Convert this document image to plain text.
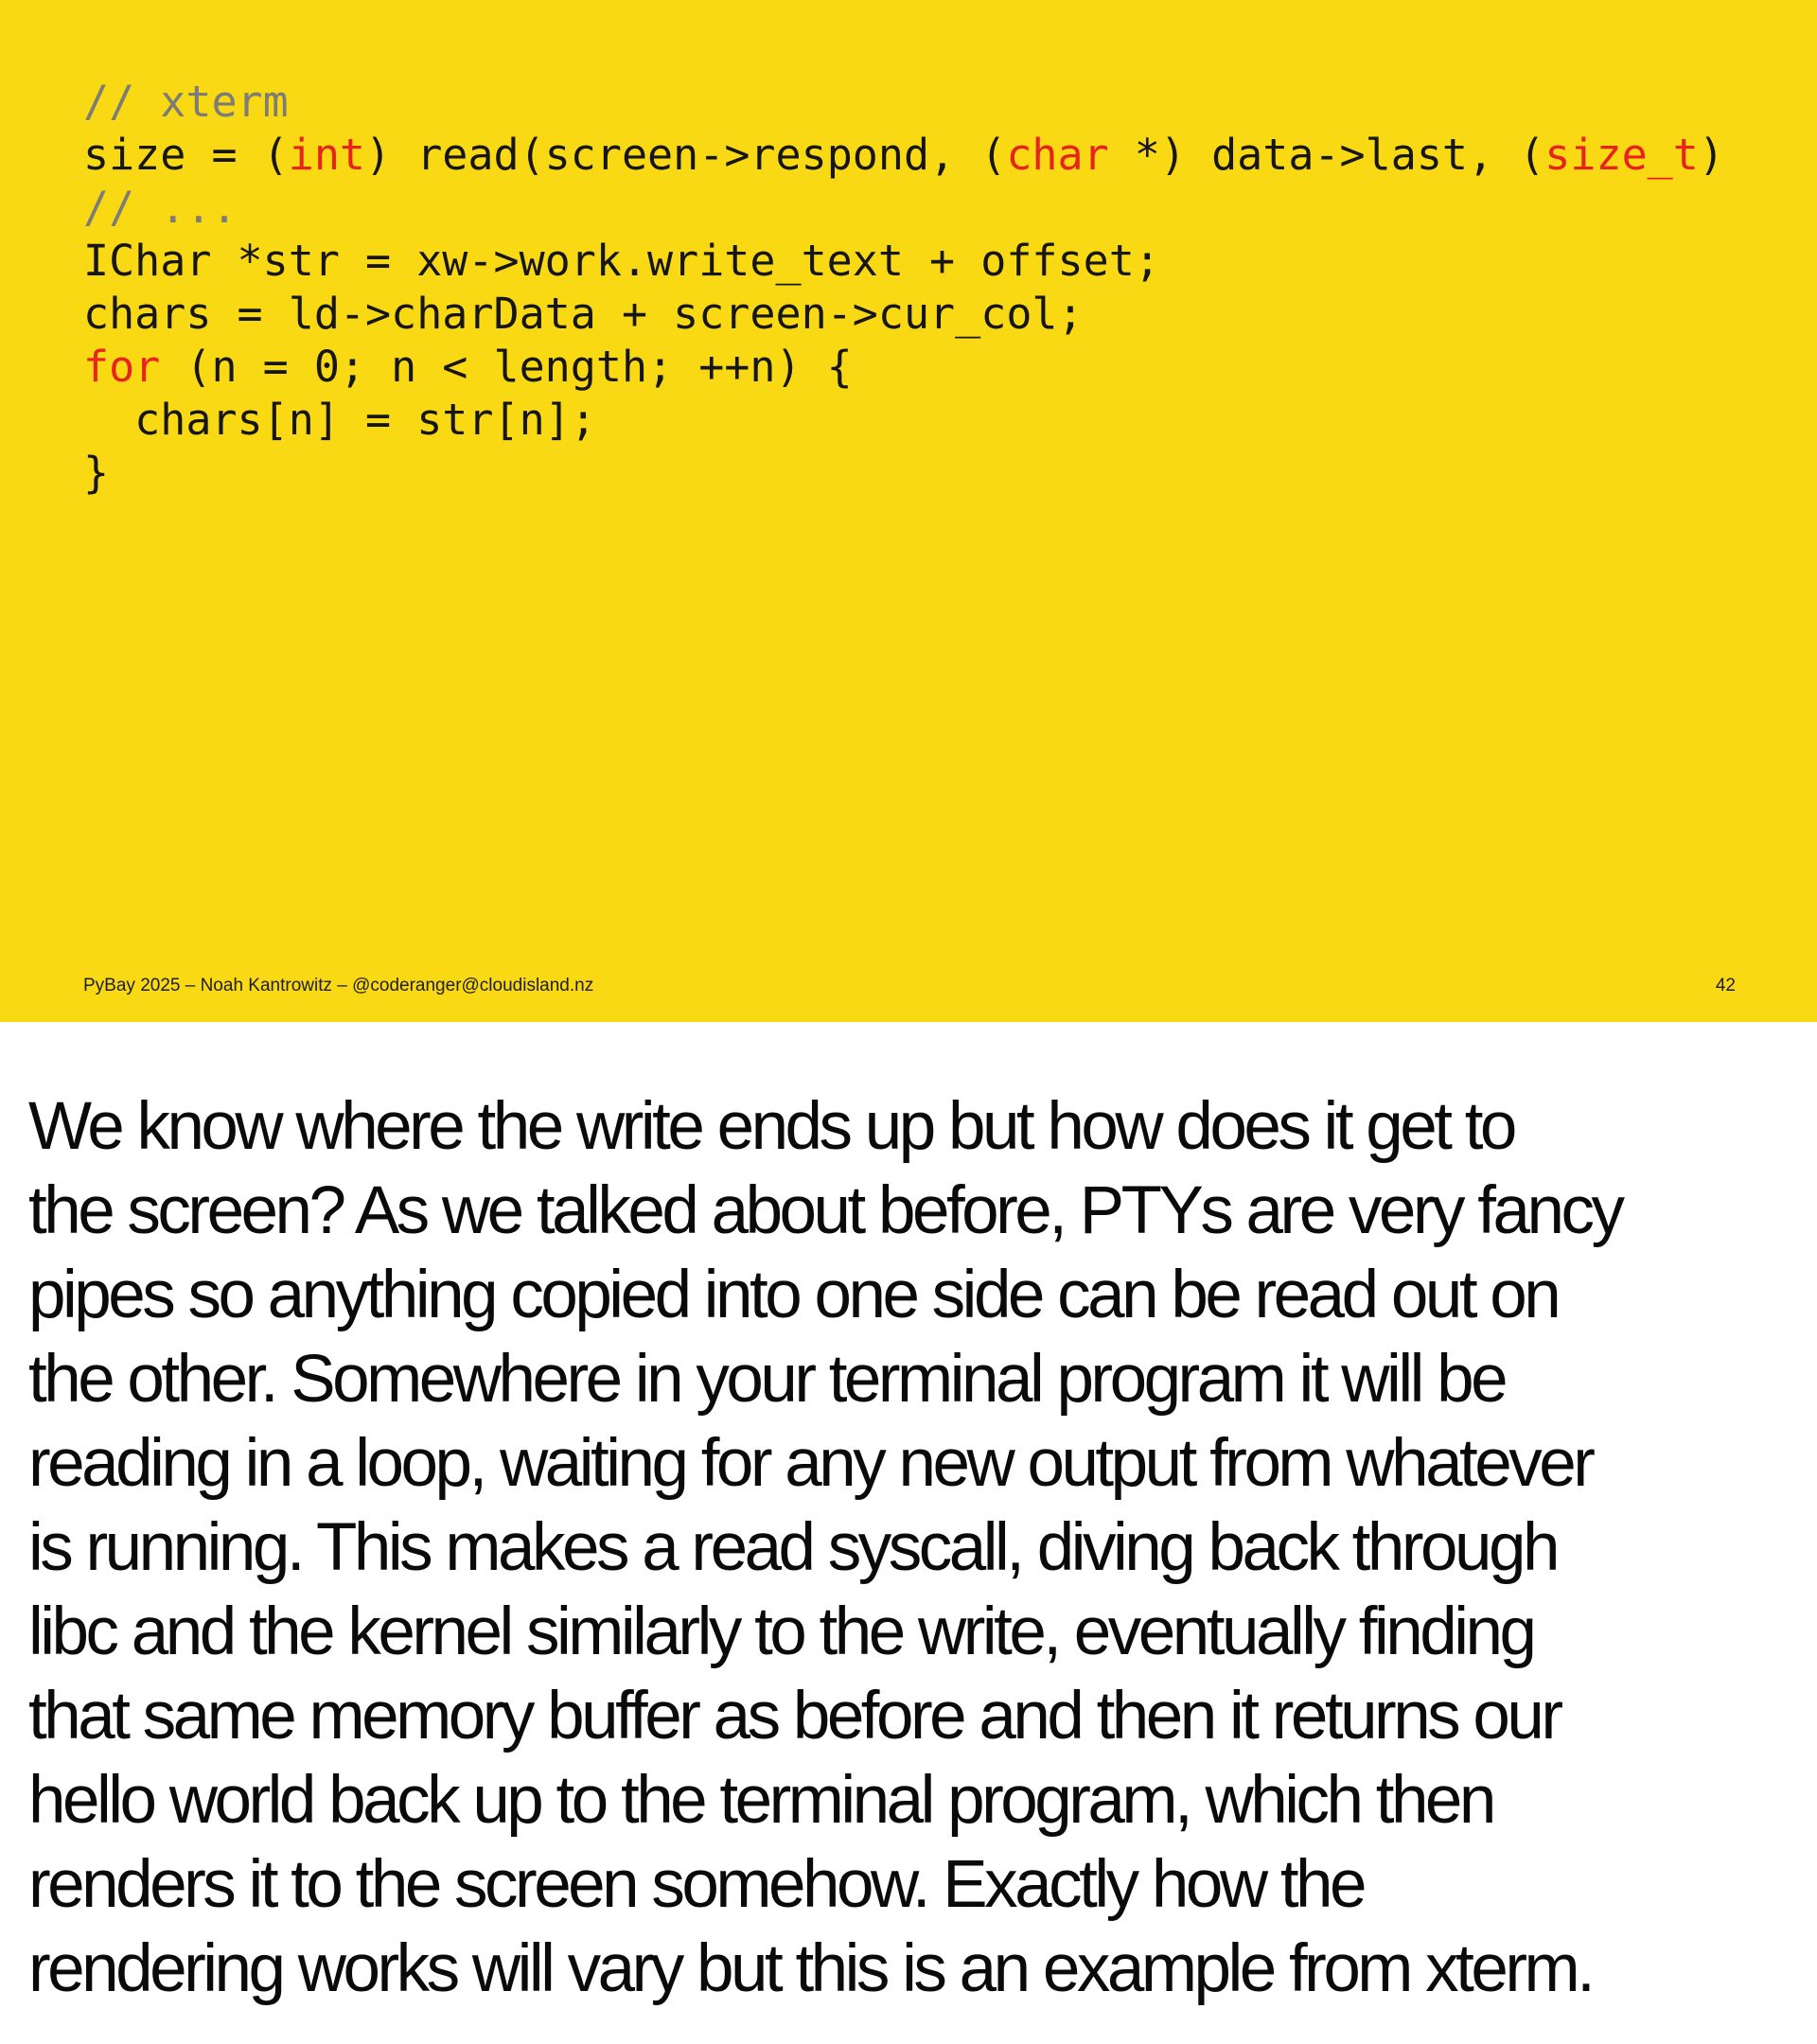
// xterm
size = (int) read(screen->respond, (char *) data->last, (size_t)
// ...
IChar *str = xw->work.write_text + offset;
chars = ld->charData + screen->cur_col;
for (n = 0; n < length; ++n) {
chars[n] = str[n];
}
PyBay 2025 – Noah Kantrowitz – @coderanger@cloudisland.nz	42
We know where the write ends up but how does it get to
the screen? As we talked about before, PTYs are very fancy
pipes so anything copied into one side can be read out on
the other. Somewhere in your terminal program it will be
reading in a loop, waiting for any new output from whatever
is running. This makes a read syscall, diving back through
libc and the kernel similarly to the write, eventually finding
that same memory buffer as before and then it returns our
hello world back up to the terminal program, which then
renders it to the screen somehow. Exactly how the
rendering works will vary but this is an example from xterm.
